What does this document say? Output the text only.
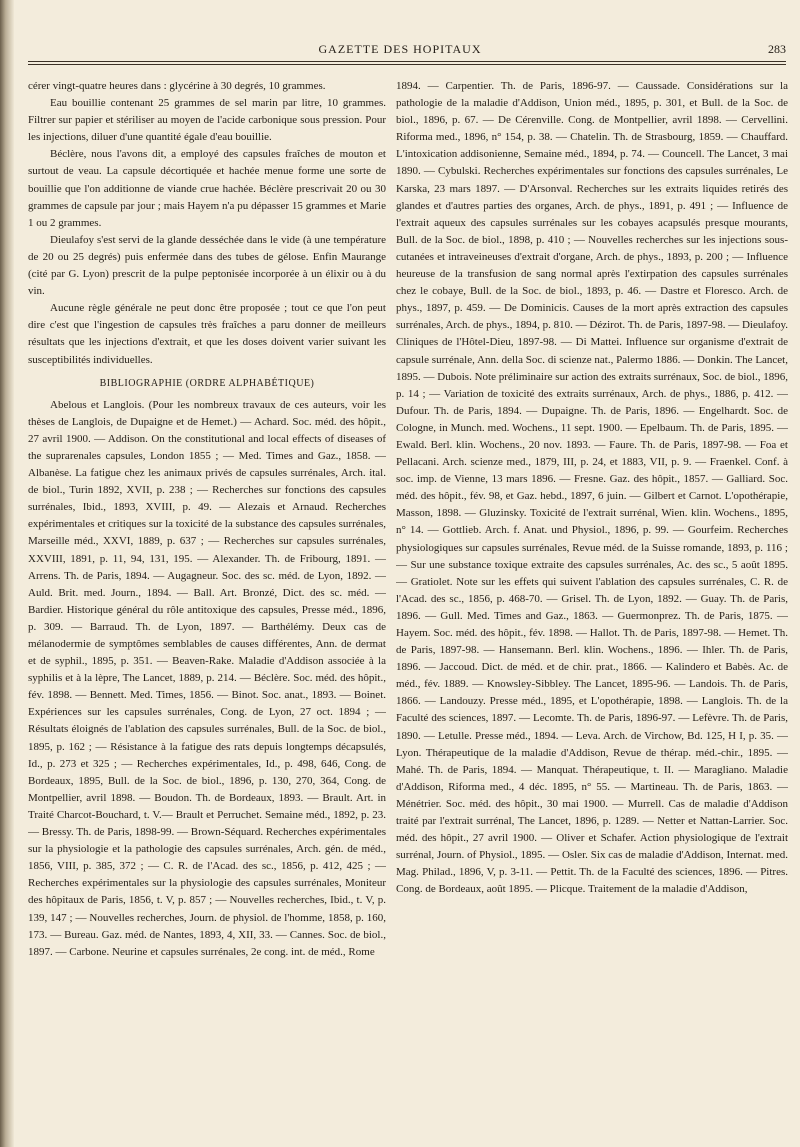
GAZETTE DES HOPITAUX	283

cérer vingt-quatre heures dans : glycérine à 30 degrés, 10 grammes.

Eau bouillie contenant 25 grammes de sel marin par litre, 10 grammes. Filtrer sur papier et stériliser au moyen de l'acide carbonique sous pression. Pour les injections, diluer d'une quantité égale d'eau bouillie.

Béclère, nous l'avons dit, a employé des capsules fraîches de mouton et surtout de veau. La capsule décortiquée et hachée menue forme une sorte de bouillie que l'on additionne de viande crue hachée. Béclère prescrivait 20 ou 30 grammes de capsule par jour ; mais Hayem n'a pu dépasser 15 grammes et Marie 1 ou 2 grammes.

Dieulafoy s'est servi de la glande desséchée dans le vide (à une température de 20 ou 25 degrés) puis enfermée dans des tubes de gélose. Enfin Maurange (cité par G. Lyon) prescrit de la pulpe peptonisée incorporée à un élixir ou à du vin.

Aucune règle générale ne peut donc être proposée ; tout ce que l'on peut dire c'est que l'ingestion de capsules très fraîches a paru donner de meilleurs résultats que les injections d'extrait, et que les doses doivent varier suivant les susceptibilités individuelles.

BIBLIOGRAPHIE (ORDRE ALPHABÉTIQUE)

Abelous et Langlois. (Pour les nombreux travaux de ces auteurs, voir les thèses de Langlois, de Dupaigne et de Hemet.) — Achard. Soc. méd. des hôpit., 27 avril 1900. — Addison. On the constitutional and local effects of diseases of the suprarenales capsules, London 1855 ; — Med. Times and Gaz., 1858. — Albanèse. La fatigue chez les animaux privés de capsules surrénales, Arch. ital. de biol., Turin 1892, XVII, p. 238 ; — Recherches sur fonctions des capsules surrénales, Ibid., 1893, XVIII, p. 49. — Alezais et Arnaud. Recherches expérimentales et critiques sur la toxicité de la substance des capsules surrénales, Marseille méd., XXVI, 1889, p. 637 ; — Recherches sur capsules surrénales, XXVIII, 1891, p. 11, 94, 131, 195. — Alexander. Th. de Fribourg, 1891. — Arrens. Th. de Paris, 1894. — Augagneur. Soc. des sc. méd. de Lyon, 1892. — Auld. Brit. med. Journ., 1894. — Ball. Art. Bronzé, Dict. des sc. méd. — Bardier. Historique général du rôle antitoxique des capsules, Presse méd., 1896, p. 309. — Barraud. Th. de Lyon, 1897. — Barthélémy. Deux cas de mélanodermie de symptômes semblables de causes différentes, Ann. de dermat et de syphil., 1895, p. 351. — Beaven-Rake. Maladie d'Addison associée à la syphilis et à la lèpre, The Lancet, 1889, p. 214. — Béclère. Soc. méd. des hôpit., fév. 1898. — Bennett. Med. Times, 1856. — Binot. Soc. anat., 1893. — Boinet. Expériences sur les capsules surrénales, Cong. de Lyon, 27 oct. 1894 ; — Résultats éloignés de l'ablation des capsules surrénales, Bull. de la Soc. de biol., 1895, p. 162 ; — Résistance à la fatigue des rats depuis longtemps décapsulés, Id., p. 273 et 325 ; — Recherches expérimentales, Id., p. 498, 646, Cong. de Bordeaux, 1895, Bull. de la Soc. de biol., 1896, p. 130, 270, 364, Cong. de Montpellier, avril 1898. — Boudon. Th. de Bordeaux, 1893. — Brault. Art. in Traité Charcot-Bouchard, t. V.— Brault et Perruchet. Semaine méd., 1892, p. 23. — Bressy. Th. de Paris, 1898-99. — Brown-Séquard. Recherches expérimentales sur la physiologie et la pathologie des capsules surrénales, Arch. gén. de méd., 1856, VIII, p. 385, 372 ; — C. R. de l'Acad. des sc., 1856, p. 412, 425 ; — Recherches expérimentales sur la physiologie des capsules surrénales, Moniteur des hôpitaux de Paris, 1856, t. V, p. 857 ; — Nouvelles recherches, Ibid., t. V, p. 139, 147 ; — Nouvelles recherches, Journ. de physiol. de l'homme, 1858, p. 160, 173. — Bureau. Gaz. méd. de Nantes, 1893, 4, XII, 33. — Cannes. Soc. de biol., 1897. — Carbone. Neurine et capsules surrénales, 2e cong. int. de méd., Rome

1894. — Carpentier. Th. de Paris, 1896-97. — Caussade. Considérations sur la pathologie de la maladie d'Addison, Union méd., 1895, p. 301, et Bull. de la Soc. de biol., 1896, p. 67. — De Cérenville. Cong. de Montpellier, avril 1898. — Cervellini. Riforma med., 1896, n° 154, p. 38. — Chatelin. Th. de Strasbourg, 1859. — Chauffard. L'intoxication addisonienne, Semaine méd., 1894, p. 74. — Councell. The Lancet, 3 mai 1890. — Cybulski. Recherches expérimentales sur fonctions des capsules surrénales, Le Karska, 23 mars 1897. — D'Arsonval. Recherches sur les extraits liquides retirés des glandes et d'autres parties des organes, Arch. de phys., 1891, p. 491 ; — Influence de l'extrait aqueux des capsules surrénales sur les cobayes acapsulés presque mourants, Bull. de la Soc. de biol., 1898, p. 410 ; — Nouvelles recherches sur les injections sous-cutanées et intraveineuses d'extrait d'organe, Arch. de phys., 1893, p. 200 ; — Influence heureuse de la transfusion de sang normal après l'extirpation des capsules surrénales chez le cobaye, Bull. de la Soc. de biol., 1893, p. 46. — Dastre et Floresco. Arch. de phys., 1897, p. 459. — De Dominicis. Causes de la mort après extraction des capsules surrénales, Arch. de phys., 1894, p. 810. — Dézirot. Th. de Paris, 1897-98. — Dieulafoy. Cliniques de l'Hôtel-Dieu, 1897-98. — Di Mattei. Influence sur organisme d'extrait de capsule surrénale, Ann. della Soc. di scienze nat., Palermo 1886. — Donkin. The Lancet, 1895. — Dubois. Note préliminaire sur action des extraits surrénaux, Soc. de biol., 1896, p. 14 ; — Variation de toxicité des extraits surrénaux, Arch. de phys., 1886, p. 412. — Dufour. Th. de Paris, 1894. — Dupaigne. Th. de Paris, 1896. — Engelhardt. Soc. de Cologne, in Munch. med. Wochens., 11 sept. 1900. — Epelbaum. Th. de Paris, 1895. — Ewald. Berl. klin. Wochens., 20 nov. 1893. — Faure. Th. de Paris, 1897-98. — Foa et Pellacani. Arch. scienze med., 1879, III, p. 24, et 1883, VII, p. 9. — Fraenkel. Conf. à soc. imp. de Vienne, 13 mars 1896. — Fresne. Gaz. des hôpit., 1857. — Galliard. Soc. méd. des hôpit., fév. 98, et Gaz. hebd., 1897, 6 juin. — Gilbert et Carnot. L'opothérapie, Masson, 1898. — Gluzinsky. Toxicité de l'extrait surrénal, Wien. klin. Wochens., 1895, n° 14. — Gottlieb. Arch. f. Anat. und Physiol., 1896, p. 99. — Gourfeim. Recherches physiologiques sur capsules surrénales, Revue méd. de la Suisse romande, 1893, p. 116 ; — Sur une substance toxique extraite des capsules surrénales, Ac. des sc., 5 août 1895. — Gratiolet. Note sur les effets qui suivent l'ablation des capsules surrénales, C. R. de l'Acad. des sc., 1856, p. 468-70. — Grisel. Th. de Lyon, 1892. — Guay. Th. de Paris, 1896. — Gull. Med. Times and Gaz., 1863. — Guermonprez. Th. de Paris, 1875. — Hayem. Soc. méd. des hôpit., fév. 1898. — Hallot. Th. de Paris, 1897-98. — Hemet. Th. de Paris, 1897-98. — Hansemann. Berl. klin. Wochens., 1896. — Ihler. Th. de Paris, 1896. — Jaccoud. Dict. de méd. et de chir. prat., 1866. — Kalindero et Babès. Ac. de méd., fév. 1889. — Knowsley-Sibbley. The Lancet, 1895-96. — Landois. Th. de Paris, 1866. — Landouzy. Presse méd., 1895, et L'opothérapie, 1898. — Langlois. Th. de la Faculté des sciences, 1897. — Lecomte. Th. de Paris, 1896-97. — Lefèvre. Th. de Paris, 1890. — Letulle. Presse méd., 1894. — Leva. Arch. de Virchow, Bd. 125, H I, p. 35. — Lyon. Thérapeutique de la maladie d'Addison, Revue de thérap. méd.-chir., 1895. — Mahé. Th. de Paris, 1894. — Manquat. Thérapeutique, t. II. — Maragliano. Maladie d'Addison, Riforma med., 4 déc. 1895, n° 55. — Martineau. Th. de Paris, 1863. — Ménétrier. Soc. méd. des hôpit., 30 mai 1900. — Murrell. Cas de maladie d'Addison traité par l'extrait surrénal, The Lancet, 1896, p. 1289. — Netter et Nattan-Larrier. Soc. méd. des hôpit., 27 avril 1900. — Oliver et Schafer. Action physiologique de l'extrait surrénal, Journ. of Physiol., 1895. — Osler. Six cas de maladie d'Addison, Internat. med. Mag. Philad., 1896, V, p. 3-11. — Pettit. Th. de la Faculté des sciences, 1896. — Pitres. Cong. de Bordeaux, août 1895. — Plicque. Traitement de la maladie d'Addison,
